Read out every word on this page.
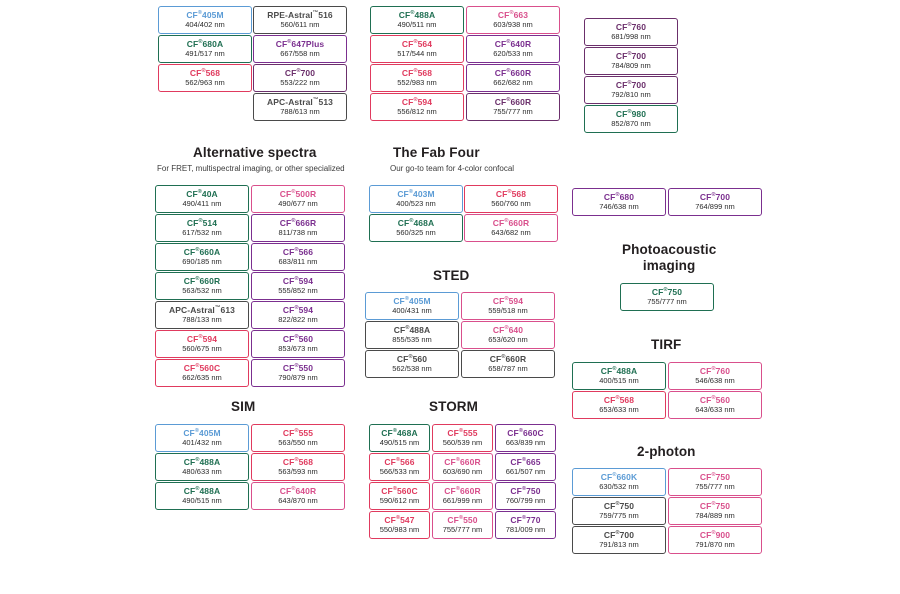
CF®405M
404/402 nm
CF®680A
491/517 nm
CF®568
562/963 nm
RPE-Astral™516
560/611 nm
CF®647Plus
667/558 nm
CF®700
553/222 nm
APC-Astral™513
788/613 nm
CF®488A
490/511 nm
CF®564
517/544 nm
CF®568
552/983 nm
CF®594
556/812 nm
CF®663
603/938 nm
CF®640R
620/533 nm
CF®660R
662/682 nm
CF®660R
755/777 nm
CF®760
681/998 nm
CF®700
784/809 nm
CF®700
792/810 nm
CF®980
852/870 nm
Alternative spectra
For FRET, multispectral imaging, or other specialized
CF®40A
490/411 nm
CF®514
617/532 nm
CF®660A
690/185 nm
CF®660R
563/532 nm
APC-Astral™613
788/133 nm
CF®594
560/675 nm
CF®560C
662/635 nm
CF®500R
490/677 nm
CF®666R
811/738 nm
CF®566
683/811 nm
CF®594
555/852 nm
CF®594
822/822 nm
CF®560
853/673 nm
CF®550
790/879 nm
The Fab Four
Our go-to team for 4-color confocal
CF®403M
400/523 nm
CF®468A
560/325 nm
CF®568
560/760 nm
CF®660R
643/682 nm
STED
CF®405M
400/431 nm
CF®488A
855/535 nm
CF®560
562/538 nm
CF®594
559/518 nm
CF®640
653/620 nm
CF®660R
658/787 nm
Photoacoustic
imaging
CF®750
755/777 nm
CF®680
746/638 nm
CF®700
764/899 nm
TIRF
CF®488A
400/515 nm
CF®568
653/633 nm
CF®760
546/638 nm
CF®560
643/633 nm
2-photon
CF®660K
630/532 nm
CF®750
759/775 nm
CF®700
791/813 nm
CF®750
755/777 nm
CF®750
784/889 nm
CF®900
791/870 nm
SIM
CF®405M
401/432 nm
CF®488A
480/633 nm
CF®488A
490/515 nm
CF®555
563/550 nm
CF®568
563/593 nm
CF®640R
643/870 nm
STORM
CF®468A
490/515 nm
CF®566
566/533 nm
CF®560C
590/612 nm
CF®547
550/983 nm
CF®555
560/539 nm
CF®660R
603/690 nm
CF®660R
661/999 nm
CF®550
755/777 nm
CF®660C
663/839 nm
CF®665
661/507 nm
CF®750
760/799 nm
CF®770
781/009 nm
